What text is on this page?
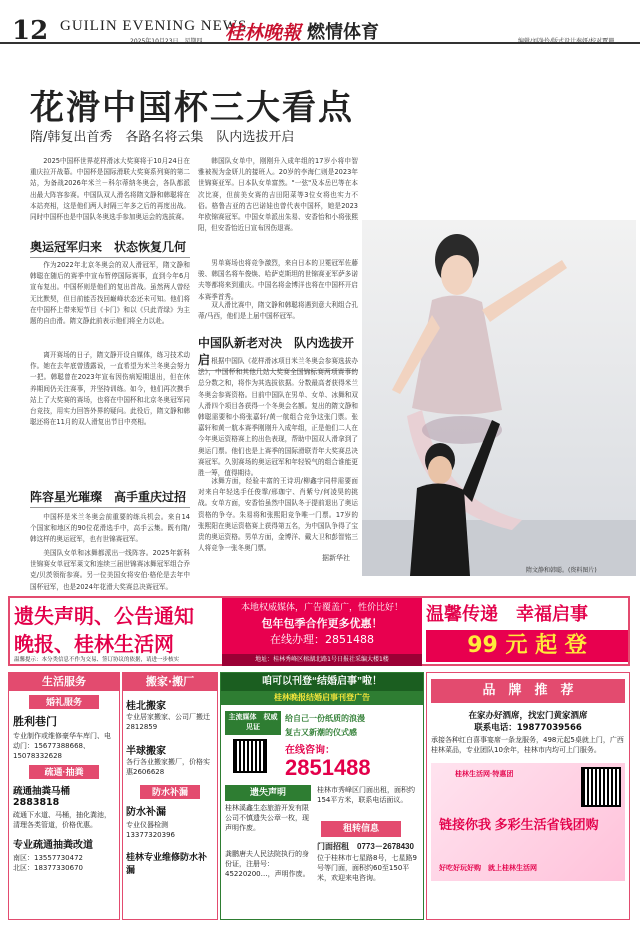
12 GUILIN EVENING NEWS
2025年10月23日　星期四 桂林晚報 燃情体育	编辑/刘净伶/版式设计秦妍/校对覃珊
花滑中国杯三大看点
隋/韩复出首秀　各路名将云集　队内选拔开启

2025中国杯世界花样滑冰大奖赛将于10月24日在重庆拉开战幕。中国杯是国际滑联大奖赛系列赛的第二站，为备战2026年米兰－科尔蒂纳冬奥会，各队都派出最大阵容参赛。中国队双人滑名将隋文静和韩聪将在本站亮相，这是他们两人时隔三年多之后的再度出战。同时中国杯也是中国队冬奥选手参加奥运会的选拔赛。

奥运冠军归来　状态恢复几何

作为2022年北京冬奥会的双人滑冠军，隋文静和韩聪在随后的赛季中宣布暂停国际赛事，直到今年6月宣布复出。中国杯则是他们的复出首战。虽然两人曾经无比默契，但目前能否找回巅峰状态还未可知。他们将在中国杯上带来短节目《卡门》和以《只此青绿》为主题的自由滑。隋文静此前表示他们将全力以赴。

离开赛场的日子，隋文静开设自媒体，练习技术动作。她在去年底曾透露说，一直希望为米兰冬奥会努力一把。韩聪曾在2023年宣布因伤病短期退出，但在休养期间仍关注赛事，并坚持训练。如今，他们再次携手站上了大奖赛的赛场，也将在中国杯和北京冬奥冠军同台竞技，用实力回答外界的疑问。此役后，隋文静和韩聪还将在11月的双人滑复出节目中亮相。

阵容星光璀璨　高手重庆过招

中国杯是米兰冬奥会前重要的练兵机会。来自14个国家和地区的90位花滑选手中，高手云集。既有隋/韩这样的奥运冠军，也有世锦赛冠军。

美国队女单和冰舞都派出一线阵容。2025年新科世锦赛女单冠军莱文和连续三届世锦赛冰舞冠军组合乔克/贝茨领衔参赛。另一位美国女将安伯·格伦是去年中国杯冠军，也是2024年花滑大奖赛总决赛冠军。

韩国队女单中，刚刚升入成年组的17岁小将申智雅被视为金妍儿的接班人。20岁的李海仁则是2023年世锦赛亚军。日本队女单富然。"一弦"及本岳巴等在本次比赛，但前美女赛的吉田阳菜等3位女将也实力不俗。格鲁吉亚的古巴诺娃也曾代表中国杯，她是2023年欧锦赛冠军。中国女单派出朱易、安香怡和小将张熙阳，但安香怡近日宣布因伤退赛。

男单赛场也将竞争激烈，来自日本的卫冕冠军佐藤骏、韩国名将车俊焕、哈萨克斯坦的世锦赛亚军萨多诺夫等都将来到重庆。中国名将金博洋也将在中国杯开启本赛季首秀。

双人滑比赛中，隋文静和韩聪将遇到意大利组合孔蒂/马西，他们是上届中国杯冠军。

中国队新老对决　队内选拔开启 根据中国队《花样滑冰项目米兰冬奥会参赛选拔办法》，中国杯和其他几站大奖赛全国锦标赛两项赛事的总分数之和，将作为其选拔依据。分数最高者获得米兰冬奥会参赛资格。目前中国队在男单、女单、冰舞和双人滑四个项目各获得一个冬奥会名额。复出的隋文静和韩聪需要和小将张嘉轩/黄一航组合竞争这张门票。张嘉轩和黄一航本赛季刚刚升入成年组，正是他们二人在今年奥运资格赛上的出色表现，帮助中国双人滑拿到了奥运门票。他们也是上赛季的国际滑联青年大奖赛总决赛冠军。久别赛场的奥运冠军和年轻锐气的组合谁能更胜一筹，值得期待。

冰舞方面，经验丰富的王诗玥/柳鑫宇同样需要面对来自年轻选手任俊霏/邢珈宁、肖紫兮/何凌昊的挑战。女单方面，安香怡虽然中国队冬于提前退出了奥运资格的争夺。朱易将和张熙阳竞争唯一门票。17岁的张熙阳在奥运资格赛上获得第五名，为中国队争得了宝贵的奥运资格。男单方面，金博洋、戴大卫和彭智铭三人将竞争一张冬奥门票。

据新华社
隋文静和韩聪。(资料图片)
遗失声明、公告通知
晚报、桂林生活网
温馨提示：本分类信息不作为交易、签订协议的依据，请进一步核实
本地权威媒体，广告覆盖广，性价比好！
包年包季合作更多优惠！
在线办理：2851488
地址：桂林秀峰区榕湖北路1号日报社采编大楼1楼
温馨传递　幸福启事
99 元 起 登
生活服务
婚礼服务
胜利巷门
专业制作或维修豪华车库门、电动门：15677388668、15078332628
疏通·抽粪
疏通抽粪马桶2883818
疏通下水道、马桶，抽化粪池，清理各类管道，价格优惠。
专业疏通抽粪改道
南区：13557730472
北区：18377330670
搬家·搬厂
桂北搬家
专业居家搬家、公司厂搬迁2812859
半球搬家
各行各业搬家搬厂，价格实惠2606628
防水补漏
防水补漏
专业仪器检测 13377320396
桂林专业维修防水补漏
咱可以刊登“结婚启事”啦！
桂林晚报结婚启事刊登广告
主流媒体　权威见证
给自己一份纸质的浪漫
复古又新潮的仪式感
在线咨询：
2851488
遗失声明
桂林溪鑫生态旅游开发有限公司不慎遗失公章一枚，现声明作废。
龚鹏唐夫人民法院执行的身份证，注册号：45220200…，声明作废。
桂林市秀峰区门面出租，面积约154平方米，联系电话面议。
租转信息
门面招租　 0773－2678430
位于桂林市七星路8号，七星路9号等门面，面积约60至150平米，欢迎来电咨询。
品　牌　推　荐
在家办好酒席，找宏门黄家酒席
联系电话：19877039566
承接各种红白喜事宴席一条龙服务，498元起5桌就上门，广西桂林菜品，专业团队10余年，桂林市内均可上门服务。
桂林生活网·特惠团
链接你我 多彩生活省钱团购
好吃好玩好购　就上桂林生活网
